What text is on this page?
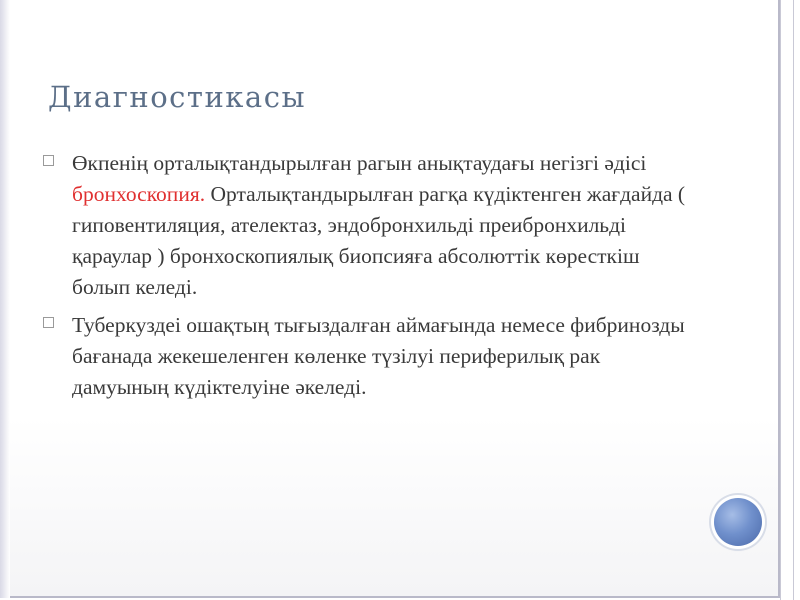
Диагностикасы
Өкпенің орталықтандырылған рагын анықтаудағы негізгі әдісі бронхоскопия. Орталықтандырылған рагқа күдіктенген жағдайда ( гиповентиляция, ателектаз, эндобронхильді преибронхильді қараулар ) бронхоскопиялық биопсияға абсолюттік көресткіш болып келеді.
Туберкуздеі ошақтың тығыздалған аймағында немесе фибринозды бағанада жекешеленген көленке түзілуі периферилық рак дамуының күдіктелуіне әкеледі.
